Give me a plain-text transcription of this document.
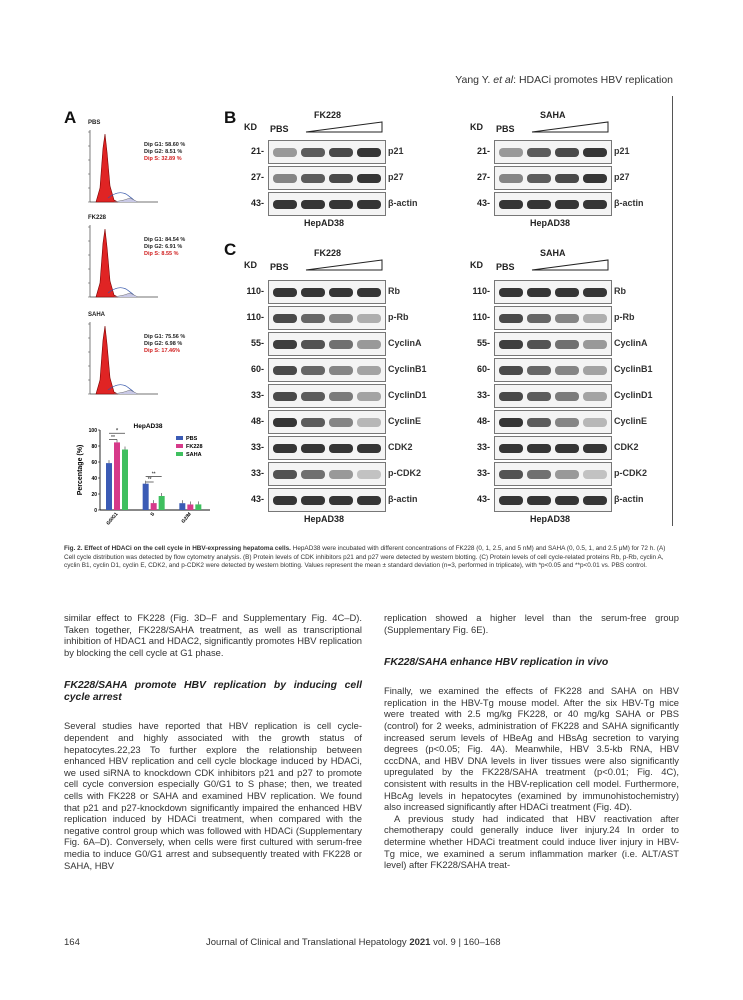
Yang Y. et al: HDACi promotes HBV replication
A	B
C
PBS
Dip G1: 58.60 %
Dip G2: 8.51 %
Dip S: 32.89 %
FK228
Dip G1: 84.54 %
Dip G2: 6.91 %
Dip S: 8.55 %
SAHA
Dip G1: 75.56 %
Dip G2: 6.98 %
Dip S: 17.46%
HepAD38
0
20
40
60
80
100
Percentage (%)
G0/G1	S	G2/M
*
**
**
**
PBS
FK228
SAHA
KD PBS
FK228
21-	p21
27-	p27
43-	β-actin
HepAD38
KD PBS
SAHA
21-	p21
27-	p27
43-	β-actin
HepAD38
KD PBS
FK228
110-	Rb
110-	p-Rb
55-	CyclinA
60-	CyclinB1
33-	CyclinD1
48-	CyclinE
33-	CDK2
33-	p-CDK2
43-	β-actin
HepAD38
KD PBS
SAHA
110-	Rb
110-	p-Rb
55-	CyclinA
60-	CyclinB1
33-	CyclinD1
48-	CyclinE
33-	CDK2
33-	p-CDK2
43-	β-actin
HepAD38
Fig. 2. Effect of HDACi on the cell cycle in HBV-expressing hepatoma cells. HepAD38 were incubated with different concentrations of FK228 (0, 1, 2.5, and 5 nM) and SAHA (0, 0.5, 1, and 2.5 μM) for 72 h. (A) Cell cycle distribution was detected by flow cytometry analysis. (B) Protein levels of CDK inhibitors p21 and p27 were detected by western blotting. (C) Protein levels of cell cycle-related proteins Rb, p-Rb, cyclin A, cyclin B1, cyclin D1, cyclin E, CDK2, and p-CDK2 were detected by western blotting. Values represent the mean ± standard deviation (n=3, performed in triplicate), with *p<0.05 and **p<0.01 vs. PBS control.

similar effect to FK228 (Fig. 3D–F and Supplementary Fig. 4C–D). Taken together, FK228/SAHA treatment, as well as transcriptional inhibition of HDAC1 and HDAC2, significantly promotes HBV replication by blocking the cell cycle at G1 phase.

FK228/SAHA promote HBV replication by inducing cell cycle arrest

Several studies have reported that HBV replication is cell cycle-dependent and highly associated with the growth status of hepatocytes.22,23 To further explore the relationship between enhanced HBV replication and cell cycle blockage induced by HDACi, we used siRNA to knockdown CDK inhibitors p21 and p27 to promote cell cycle conversion especially G0/G1 to S phase; then, we treated cells with FK228 or SAHA and examined HBV replication. We found that p21 and p27-knockdown significantly impaired the enhanced HBV replication induced by HDACi treatment, when compared with the negative control group which was followed with HDACi (Supplementary Fig. 6A–D). Conversely, when cells were first cultured with serum-free media to induce G0/G1 arrest and subsequently treated with FK228 or SAHA, HBV

replication showed a higher level than the serum-free group (Supplementary Fig. 6E).

FK228/SAHA enhance HBV replication in vivo

Finally, we examined the effects of FK228 and SAHA on HBV replication in the HBV-Tg mouse model. After the six HBV-Tg mice were treated with 2.5 mg/kg FK228, or 40 mg/kg SAHA or PBS (control) for 2 weeks, administration of FK228 and SAHA significantly increased serum levels of HBeAg and HBsAg secretion to varying degrees (p<0.05; Fig. 4A). Meanwhile, HBV 3.5-kb RNA, HBV cccDNA, and HBV DNA levels in liver tissues were also significantly upregulated by the FK228/SAHA treatment (p<0.01; Fig. 4C), consistent with results in the HBV-replication cell model. Furthermore, HBcAg levels in hepatocytes (examined by immunohistochemistry) also increased significantly after HDACi treatment (Fig. 4D).

A previous study had indicated that HBV reactivation after chemotherapy could generally induce liver injury.24 In order to determine whether HDACi treatment could induce liver injury in HBV-Tg mice, we examined a serum inflammation marker (i.e. ALT/AST level) after FK228/SAHA treat-

164	Journal of Clinical and Translational Hepatology 2021 vol. 9 | 160–168
